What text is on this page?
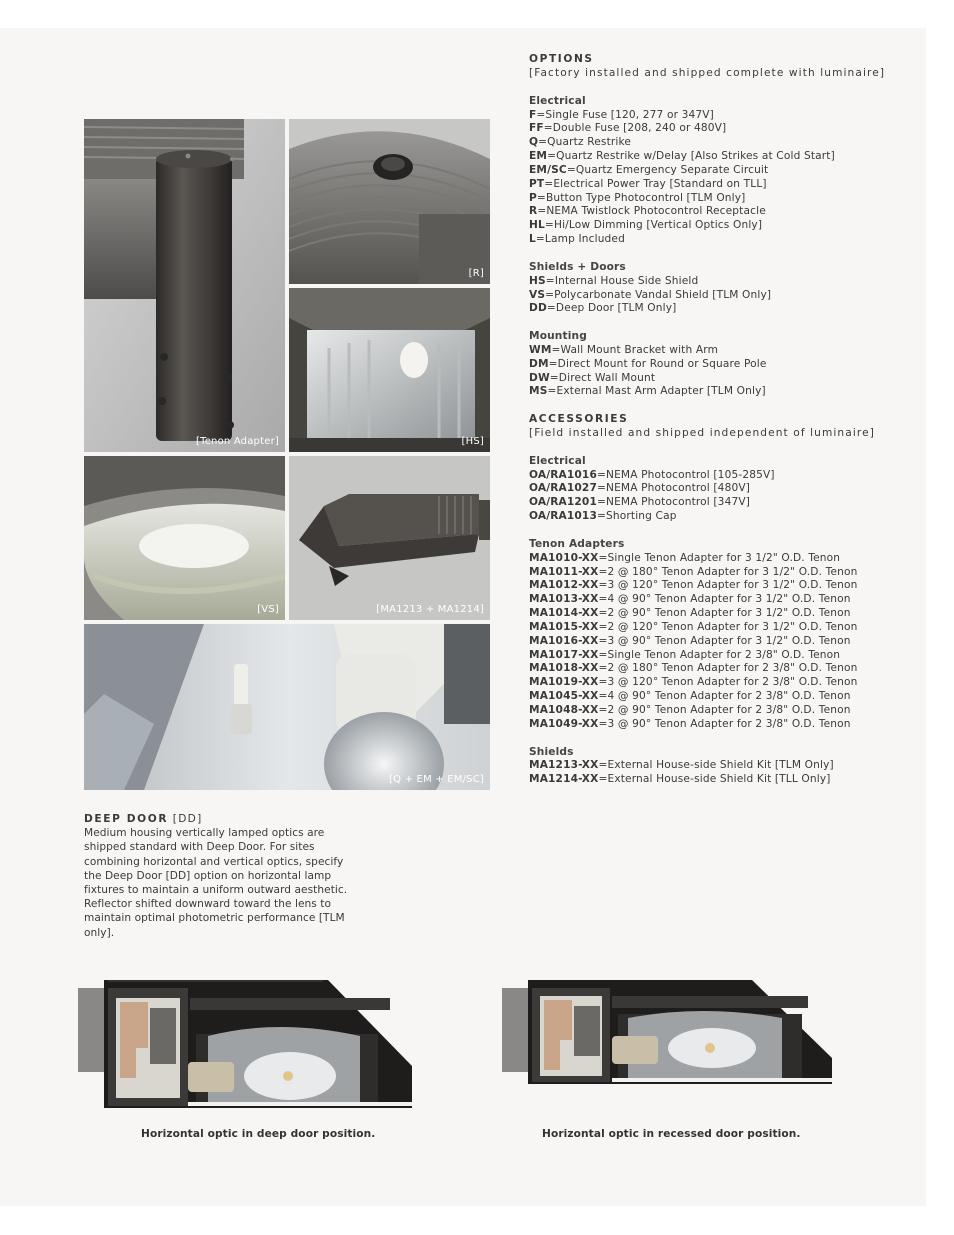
[Tenon Adapter]
[R]
[HS]
[VS]	[MA1213 + MA1214]
[Q + EM + EM/SC]
OPTIONS
[Factory installed and shipped complete with luminaire]
Electrical
F=Single Fuse [120, 277 or 347V]
FF=Double Fuse [208, 240 or 480V]
Q=Quartz Restrike
EM=Quartz Restrike w/Delay [Also Strikes at Cold Start]
EM/SC=Quartz Emergency Separate Circuit
PT=Electrical Power Tray [Standard on TLL]
P=Button Type Photocontrol [TLM Only]
R=NEMA Twistlock Photocontrol Receptacle
HL=Hi/Low Dimming [Vertical Optics Only]
L=Lamp Included
Shields + Doors
HS=Internal House Side Shield
VS=Polycarbonate Vandal Shield [TLM Only]
DD=Deep Door [TLM Only]
Mounting
WM=Wall Mount Bracket with Arm
DM=Direct Mount for Round or Square Pole
DW=Direct Wall Mount
MS=External Mast Arm Adapter [TLM Only]
ACCESSORIES
[Field installed and shipped independent of luminaire]
Electrical
OA/RA1016=NEMA Photocontrol [105-285V]
OA/RA1027=NEMA Photocontrol [480V]
OA/RA1201=NEMA Photocontrol [347V]
OA/RA1013=Shorting Cap
Tenon Adapters
MA1010-XX=Single Tenon Adapter for 3 1/2" O.D. Tenon
MA1011-XX=2 @ 180° Tenon Adapter for 3 1/2" O.D. Tenon
MA1012-XX=3 @ 120° Tenon Adapter for 3 1/2" O.D. Tenon
MA1013-XX=4 @ 90° Tenon Adapter for 3 1/2" O.D. Tenon
MA1014-XX=2 @ 90° Tenon Adapter for 3 1/2" O.D. Tenon
MA1015-XX=2 @ 120° Tenon Adapter for 3 1/2" O.D. Tenon
MA1016-XX=3 @ 90° Tenon Adapter for 3 1/2" O.D. Tenon
MA1017-XX=Single Tenon Adapter for 2 3/8" O.D. Tenon
MA1018-XX=2 @ 180° Tenon Adapter for 2 3/8" O.D. Tenon
MA1019-XX=3 @ 120° Tenon Adapter for 2 3/8" O.D. Tenon
MA1045-XX=4 @ 90° Tenon Adapter for 2 3/8" O.D. Tenon
MA1048-XX=2 @ 90° Tenon Adapter for 2 3/8" O.D. Tenon
MA1049-XX=3 @ 90° Tenon Adapter for 2 3/8" O.D. Tenon
Shields
MA1213-XX=External House-side Shield Kit [TLM Only]
MA1214-XX=External House-side Shield Kit [TLL Only]
DEEP DOOR [DD]
Medium housing vertically lamped optics are shipped standard with Deep Door. For sites combining horizontal and vertical optics, specify the Deep Door [DD] option on horizontal lamp fixtures to maintain a uniform outward aesthetic. Reflector shifted downward toward the lens to maintain optimal photometric performance [TLM only].
Horizontal optic in deep door position.	Horizontal optic in recessed door position.
